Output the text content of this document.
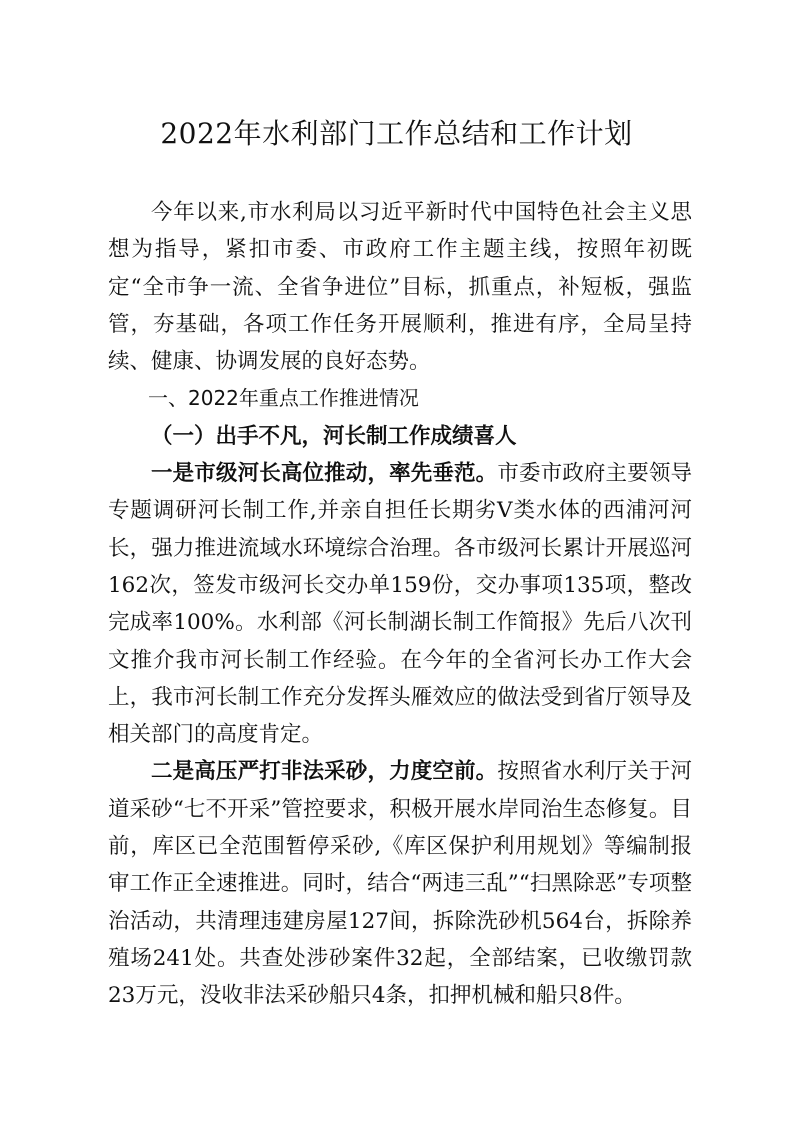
2022年水利部门工作总结和工作计划

今年以来,市水利局以习近平新时代中国特色社会主义思想为指导，紧扣市委、市政府工作主题主线，按照年初既定“全市争一流、全省争进位”目标，抓重点，补短板，强监管，夯基础，各项工作任务开展顺利，推进有序，全局呈持续、健康、协调发展的良好态势。

一、2022年重点工作推进情况

（一）出手不凡，河长制工作成绩喜人

一是市级河长高位推动，率先垂范。市委市政府主要领导专题调研河长制工作,并亲自担任长期劣V类水体的西浦河河长，强力推进流域水环境综合治理。各市级河长累计开展巡河162次，签发市级河长交办单159份，交办事项135项，整改完成率100%。水利部《河长制湖长制工作简报》先后八次刊文推介我市河长制工作经验。在今年的全省河长办工作大会上，我市河长制工作充分发挥头雁效应的做法受到省厅领导及相关部门的高度肯定。

二是高压严打非法采砂，力度空前。按照省水利厅关于河道采砂“七不开采”管控要求，积极开展水岸同治生态修复。目前，库区已全范围暂停采砂,《库区保护利用规划》等编制报审工作正全速推进。同时，结合“两违三乱”“扫黑除恶”专项整治活动，共清理违建房屋127间，拆除洗砂机564台，拆除养殖场241处。共查处涉砂案件32起，全部结案，已收缴罚款23万元，没收非法采砂船只4条，扣押机械和船只8件。
